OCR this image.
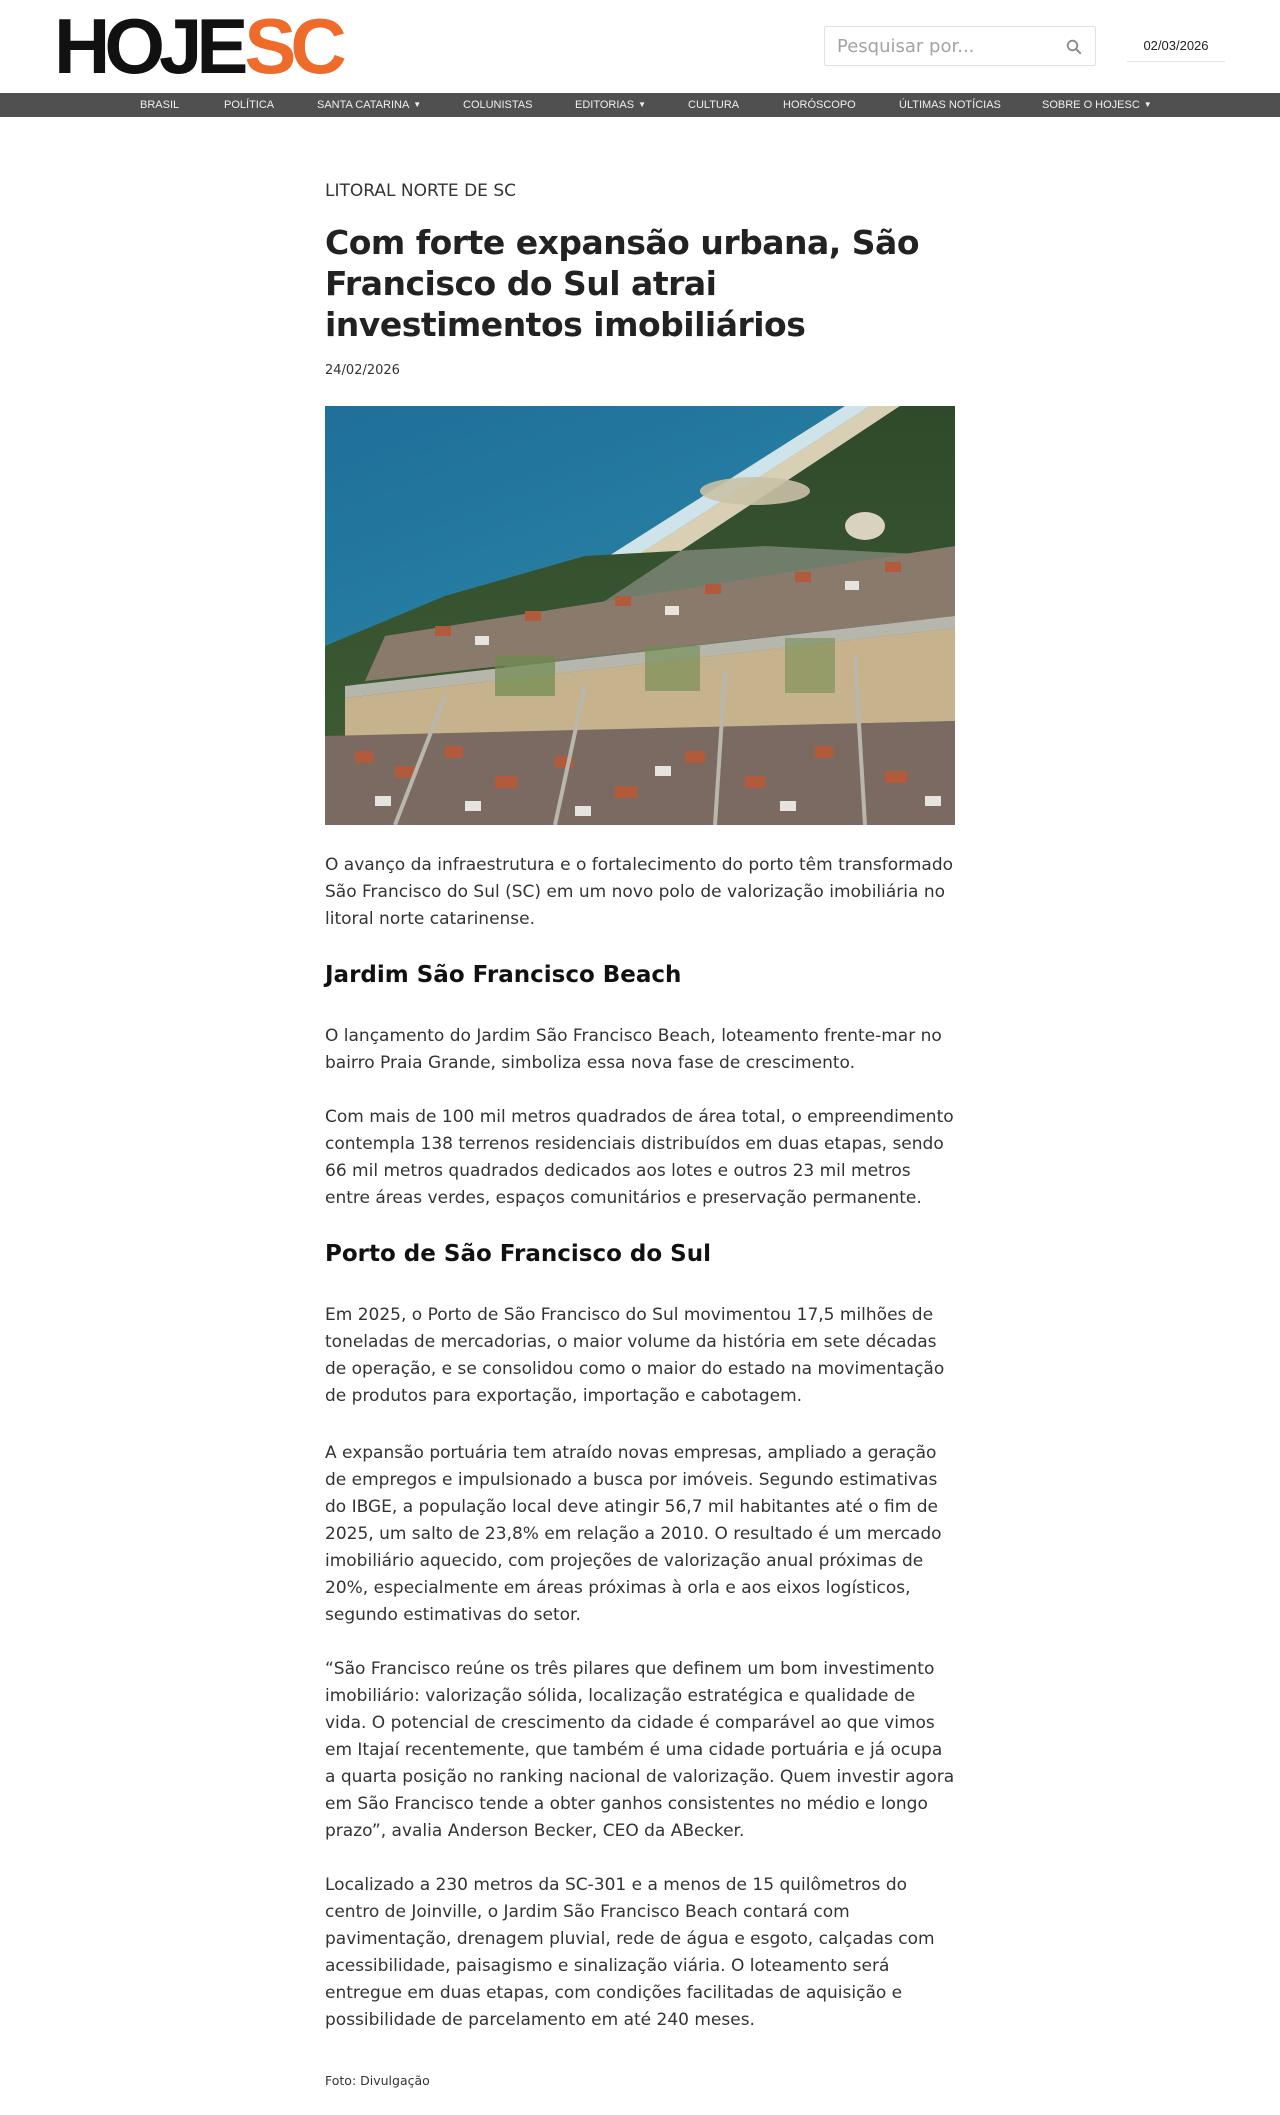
HOJE SC
Pesquisar por...	02/03/2026
BRASIL	POLÍTICA	SANTA CATARINA ▼	COLUNISTAS	EDITORIAS ▼	CULTURA	HORÓSCOPO	ÚLTIMAS NOTÍCIAS	SOBRE O HOJESC ▼
LITORAL NORTE DE SC
Com forte expansão urbana, São Francisco do Sul atrai investimentos imobiliários
24/02/2026

O avanço da infraestrutura e o fortalecimento do porto têm transformado São Francisco do Sul (SC) em um novo polo de valorização imobiliária no litoral norte catarinense.

Jardim São Francisco Beach

O lançamento do Jardim São Francisco Beach, loteamento frente-mar no bairro Praia Grande, simboliza essa nova fase de crescimento.

Com mais de 100 mil metros quadrados de área total, o empreendimento contempla 138 terrenos residenciais distribuídos em duas etapas, sendo 66 mil metros quadrados dedicados aos lotes e outros 23 mil metros entre áreas verdes, espaços comunitários e preservação permanente.

Porto de São Francisco do Sul

Em 2025, o Porto de São Francisco do Sul movimentou 17,5 milhões de toneladas de mercadorias, o maior volume da história em sete décadas de operação, e se consolidou como o maior do estado na movimentação de produtos para exportação, importação e cabotagem.

A expansão portuária tem atraído novas empresas, ampliado a geração de empregos e impulsionado a busca por imóveis. Segundo estimativas do IBGE, a população local deve atingir 56,7 mil habitantes até o fim de 2025, um salto de 23,8% em relação a 2010. O resultado é um mercado imobiliário aquecido, com projeções de valorização anual próximas de 20%, especialmente em áreas próximas à orla e aos eixos logísticos, segundo estimativas do setor.

“São Francisco reúne os três pilares que definem um bom investimento imobiliário: valorização sólida, localização estratégica e qualidade de vida. O potencial de crescimento da cidade é comparável ao que vimos em Itajaí recentemente, que também é uma cidade portuária e já ocupa a quarta posição no ranking nacional de valorização. Quem investir agora em São Francisco tende a obter ganhos consistentes no médio e longo prazo”, avalia Anderson Becker, CEO da ABecker.

Localizado a 230 metros da SC-301 e a menos de 15 quilômetros do centro de Joinville, o Jardim São Francisco Beach contará com pavimentação, drenagem pluvial, rede de água e esgoto, calçadas com acessibilidade, paisagismo e sinalização viária. O loteamento será entregue em duas etapas, com condições facilitadas de aquisição e possibilidade de parcelamento em até 240 meses.

Foto: Divulgação
